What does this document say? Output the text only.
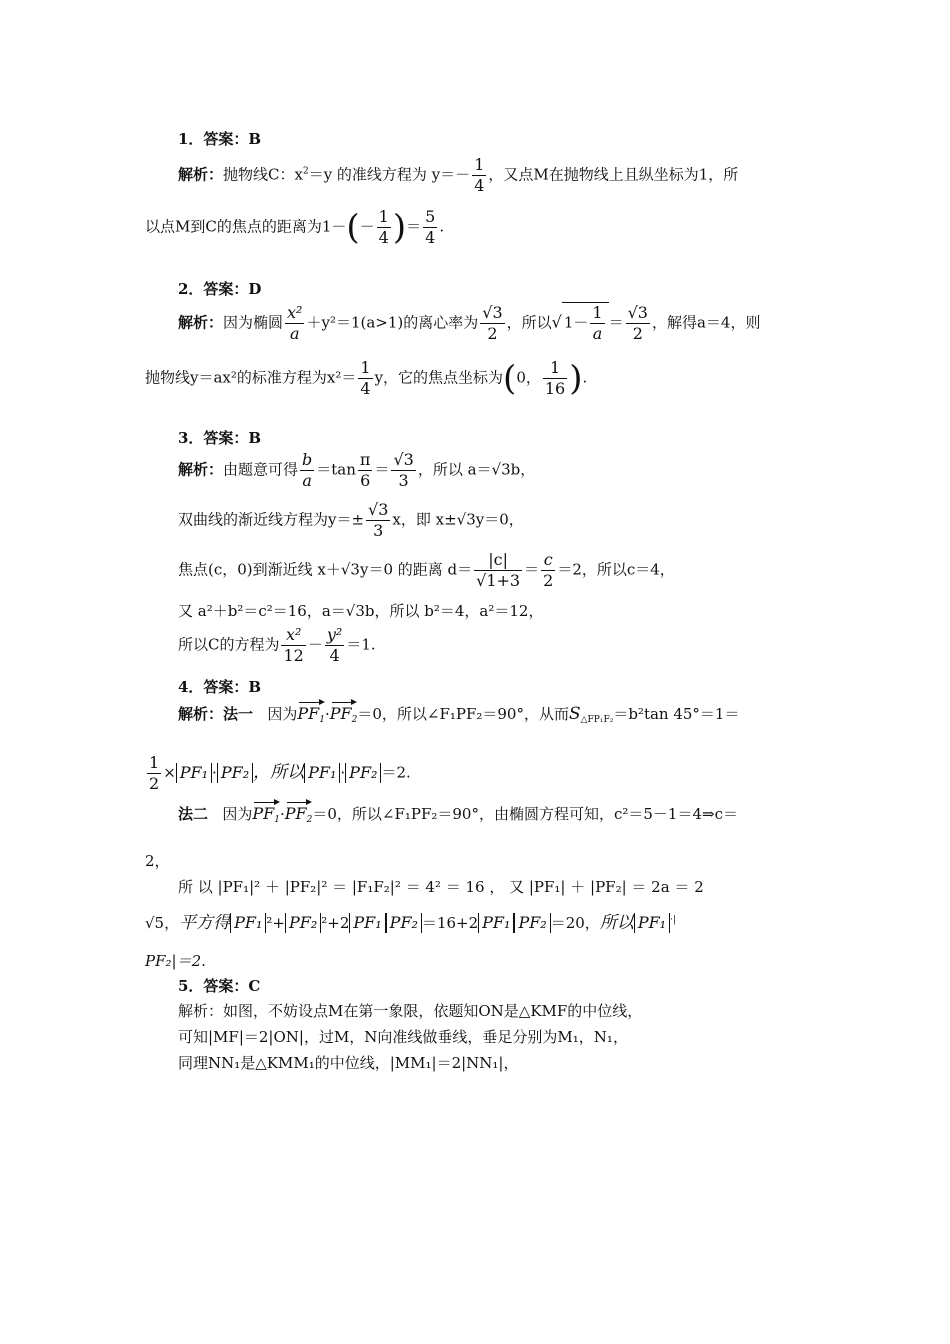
1．答案：B
解析：抛物线C：$x^2=y$ 的准线方程为 $y=- \frac{1}{4}$ ，又点M在抛物线上且纵坐标为1，所
以点M到C的焦点的距离为$1-(- \frac{1}{4}$ )＝ $\frac{5}{4}$ .
2．答案：D
解析：因为椭圆 $\frac{\text{x²}}{a} +y^2=1(a>1)$的离心率为 $\frac{√3}{2}$ ，所以√ $1- \frac{1}{a} = \frac{√3}{2}$ ，解得a＝4，则
抛物线y＝ax²的标准方程为$x^2= \frac{1}{4}$ y，它的焦点坐标为(0， $\frac{1}{16}$ ).
3．答案：B
解析：由题意可得 $\frac{b}{a} =\tan \frac{\pi}{6} = \frac{√3}{3}$ ，所以 a＝√3b，
双曲线的渐近线方程为$y=\pm \frac{√3}{3}$ x，即 x±√3y＝0，
焦点(c，0)到渐近线 x＋√3y＝0 的距离 $d= \frac{|c|}{√1+3} = \frac{c}{2} =2$，所以c＝4，
又 a²＋b²＝c²＝16，a＝√3b，所以 b²＝4，a²＝12，
所以C的方程为 $\frac{\text{x²}}{12} - \frac{\text{y²}}{4} =1$.
4．答案：B
解析：法一 因为$PF_1\cdot PF_2=0$，所以∠F₁PF₂＝90°，从而$S_{\triangle FP_1F_2}=b^2\tan$ 45°＝1＝
$\frac{1}{2} \times PF_1 \cdot PF_2$ ，所以 PF₁ · PF₂ ＝2.
法二 因为$PF_1\cdot PF_2=0$，所以∠F₁PF₂＝90°，由椭圆方程可知，c²＝5－1＝4⇒c＝
2，
所 以 |PF₁|² ＋ |PF₂|² ＝ |F₁F₂|² ＝ 4² ＝ 16 ， 又 |PF₁| ＋ |PF₂| ＝ 2a ＝ 2
√5，平方得 PF₁ ²+ PF₂ ²+2 PF₁ PF₂ ＝16+2 PF₁ PF₂ ＝20，所以 PF₁ ·|
PF₂|＝2.
5．答案：C
解析：如图，不妨设点M在第一象限，依题知ON是△KMF的中位线，
可知|MF|＝2|ON|，过M，N向准线做垂线，垂足分别为M₁，N₁，
同理NN₁是△KMM₁的中位线，|MM₁|＝2|NN₁|，
